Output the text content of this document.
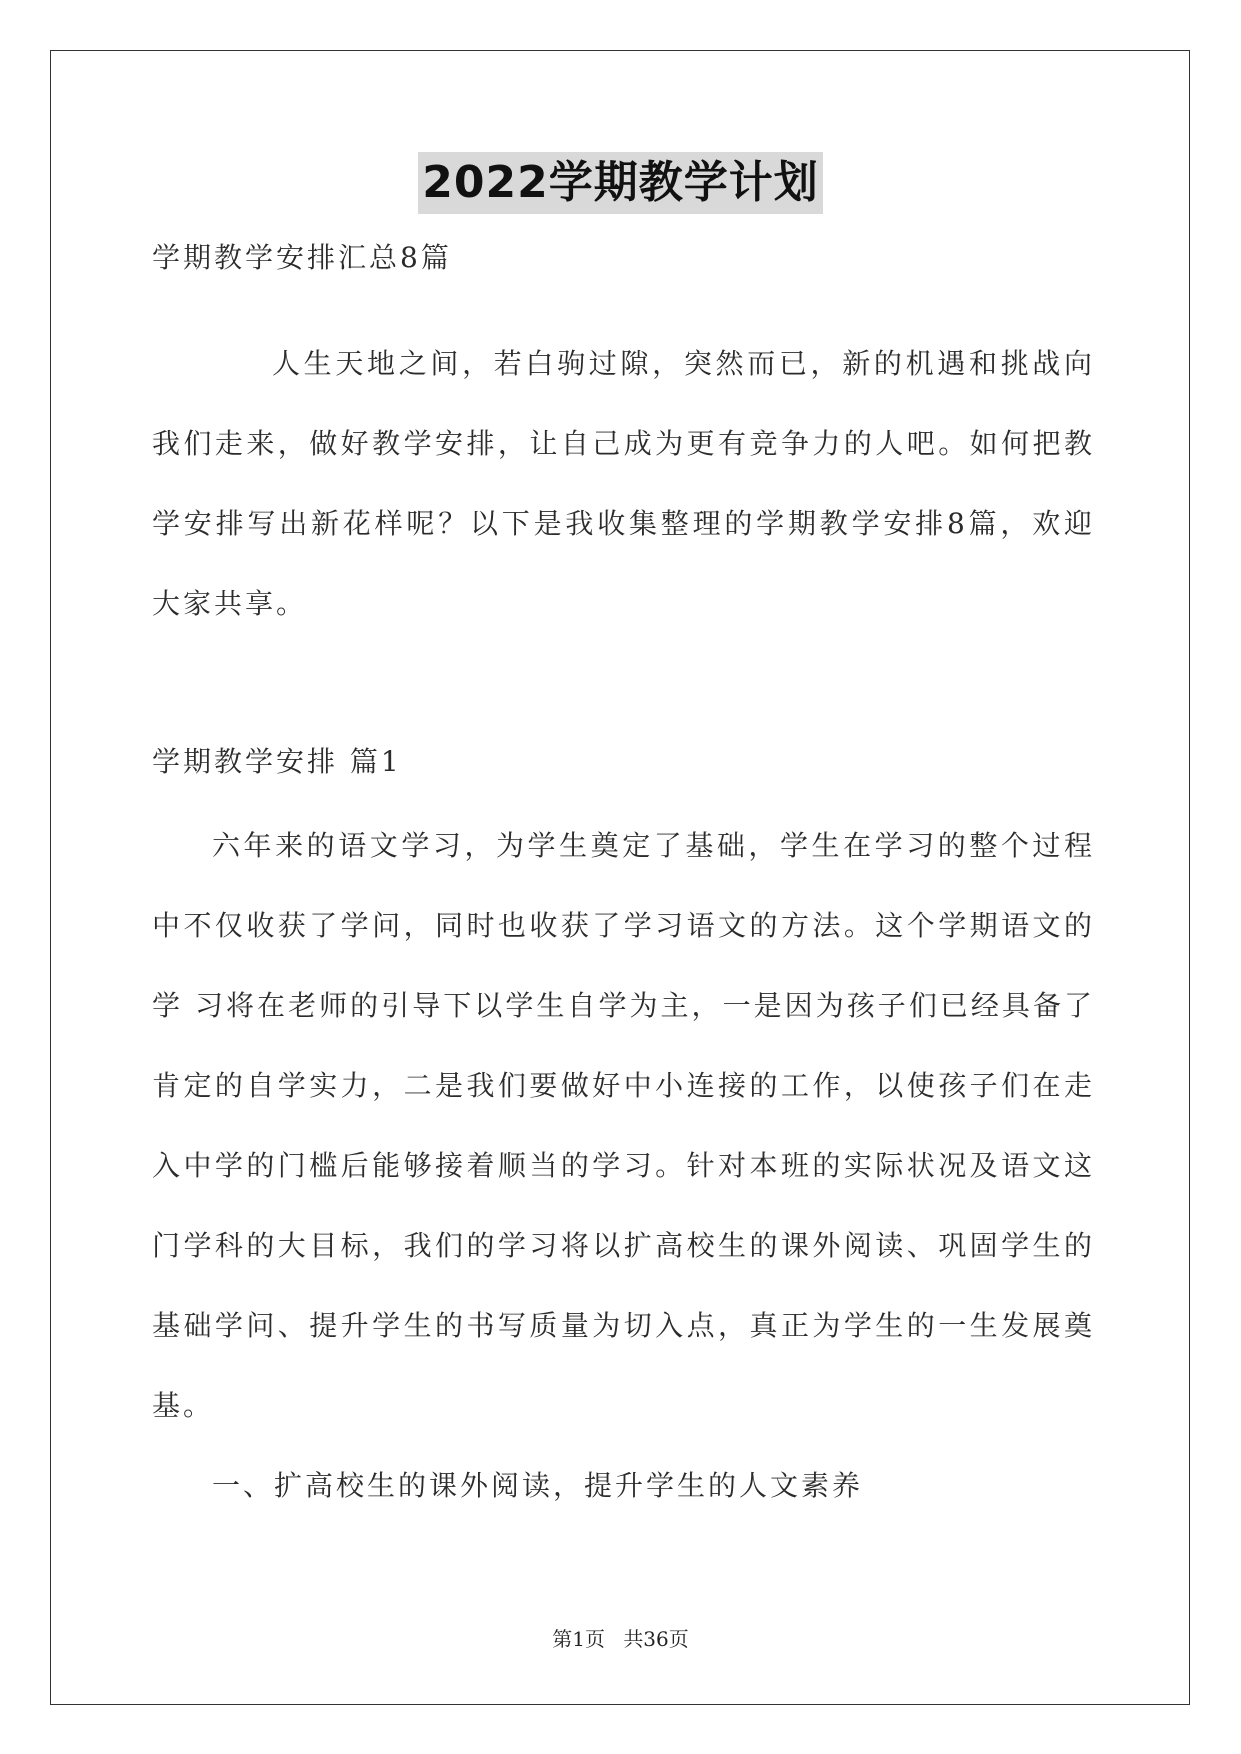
2022学期教学计划
学期教学安排汇总8篇
人生天地之间，若白驹过隙，突然而已，新的机遇和挑战向
我们走来，做好教学安排，让自己成为更有竞争力的人吧。如何把教
学安排写出新花样呢？以下是我收集整理的学期教学安排8篇，欢迎
大家共享。
学期教学安排 篇1
六年来的语文学习，为学生奠定了基础，学生在学习的整个过程
中不仅收获了学问，同时也收获了学习语文的方法。这个学期语文的
学 习将在老师的引导下以学生自学为主，一是因为孩子们已经具备了
肯定的自学实力，二是我们要做好中小连接的工作，以使孩子们在走
入中学的门槛后能够接着顺当的学习。针对本班的实际状况及语文这
门学科的大目标，我们的学习将以扩高校生的课外阅读、巩固学生的
基础学问、提升学生的书写质量为切入点，真正为学生的一生发展奠
基。
一、扩高校生的课外阅读，提升学生的人文素养
第1页 共36页
